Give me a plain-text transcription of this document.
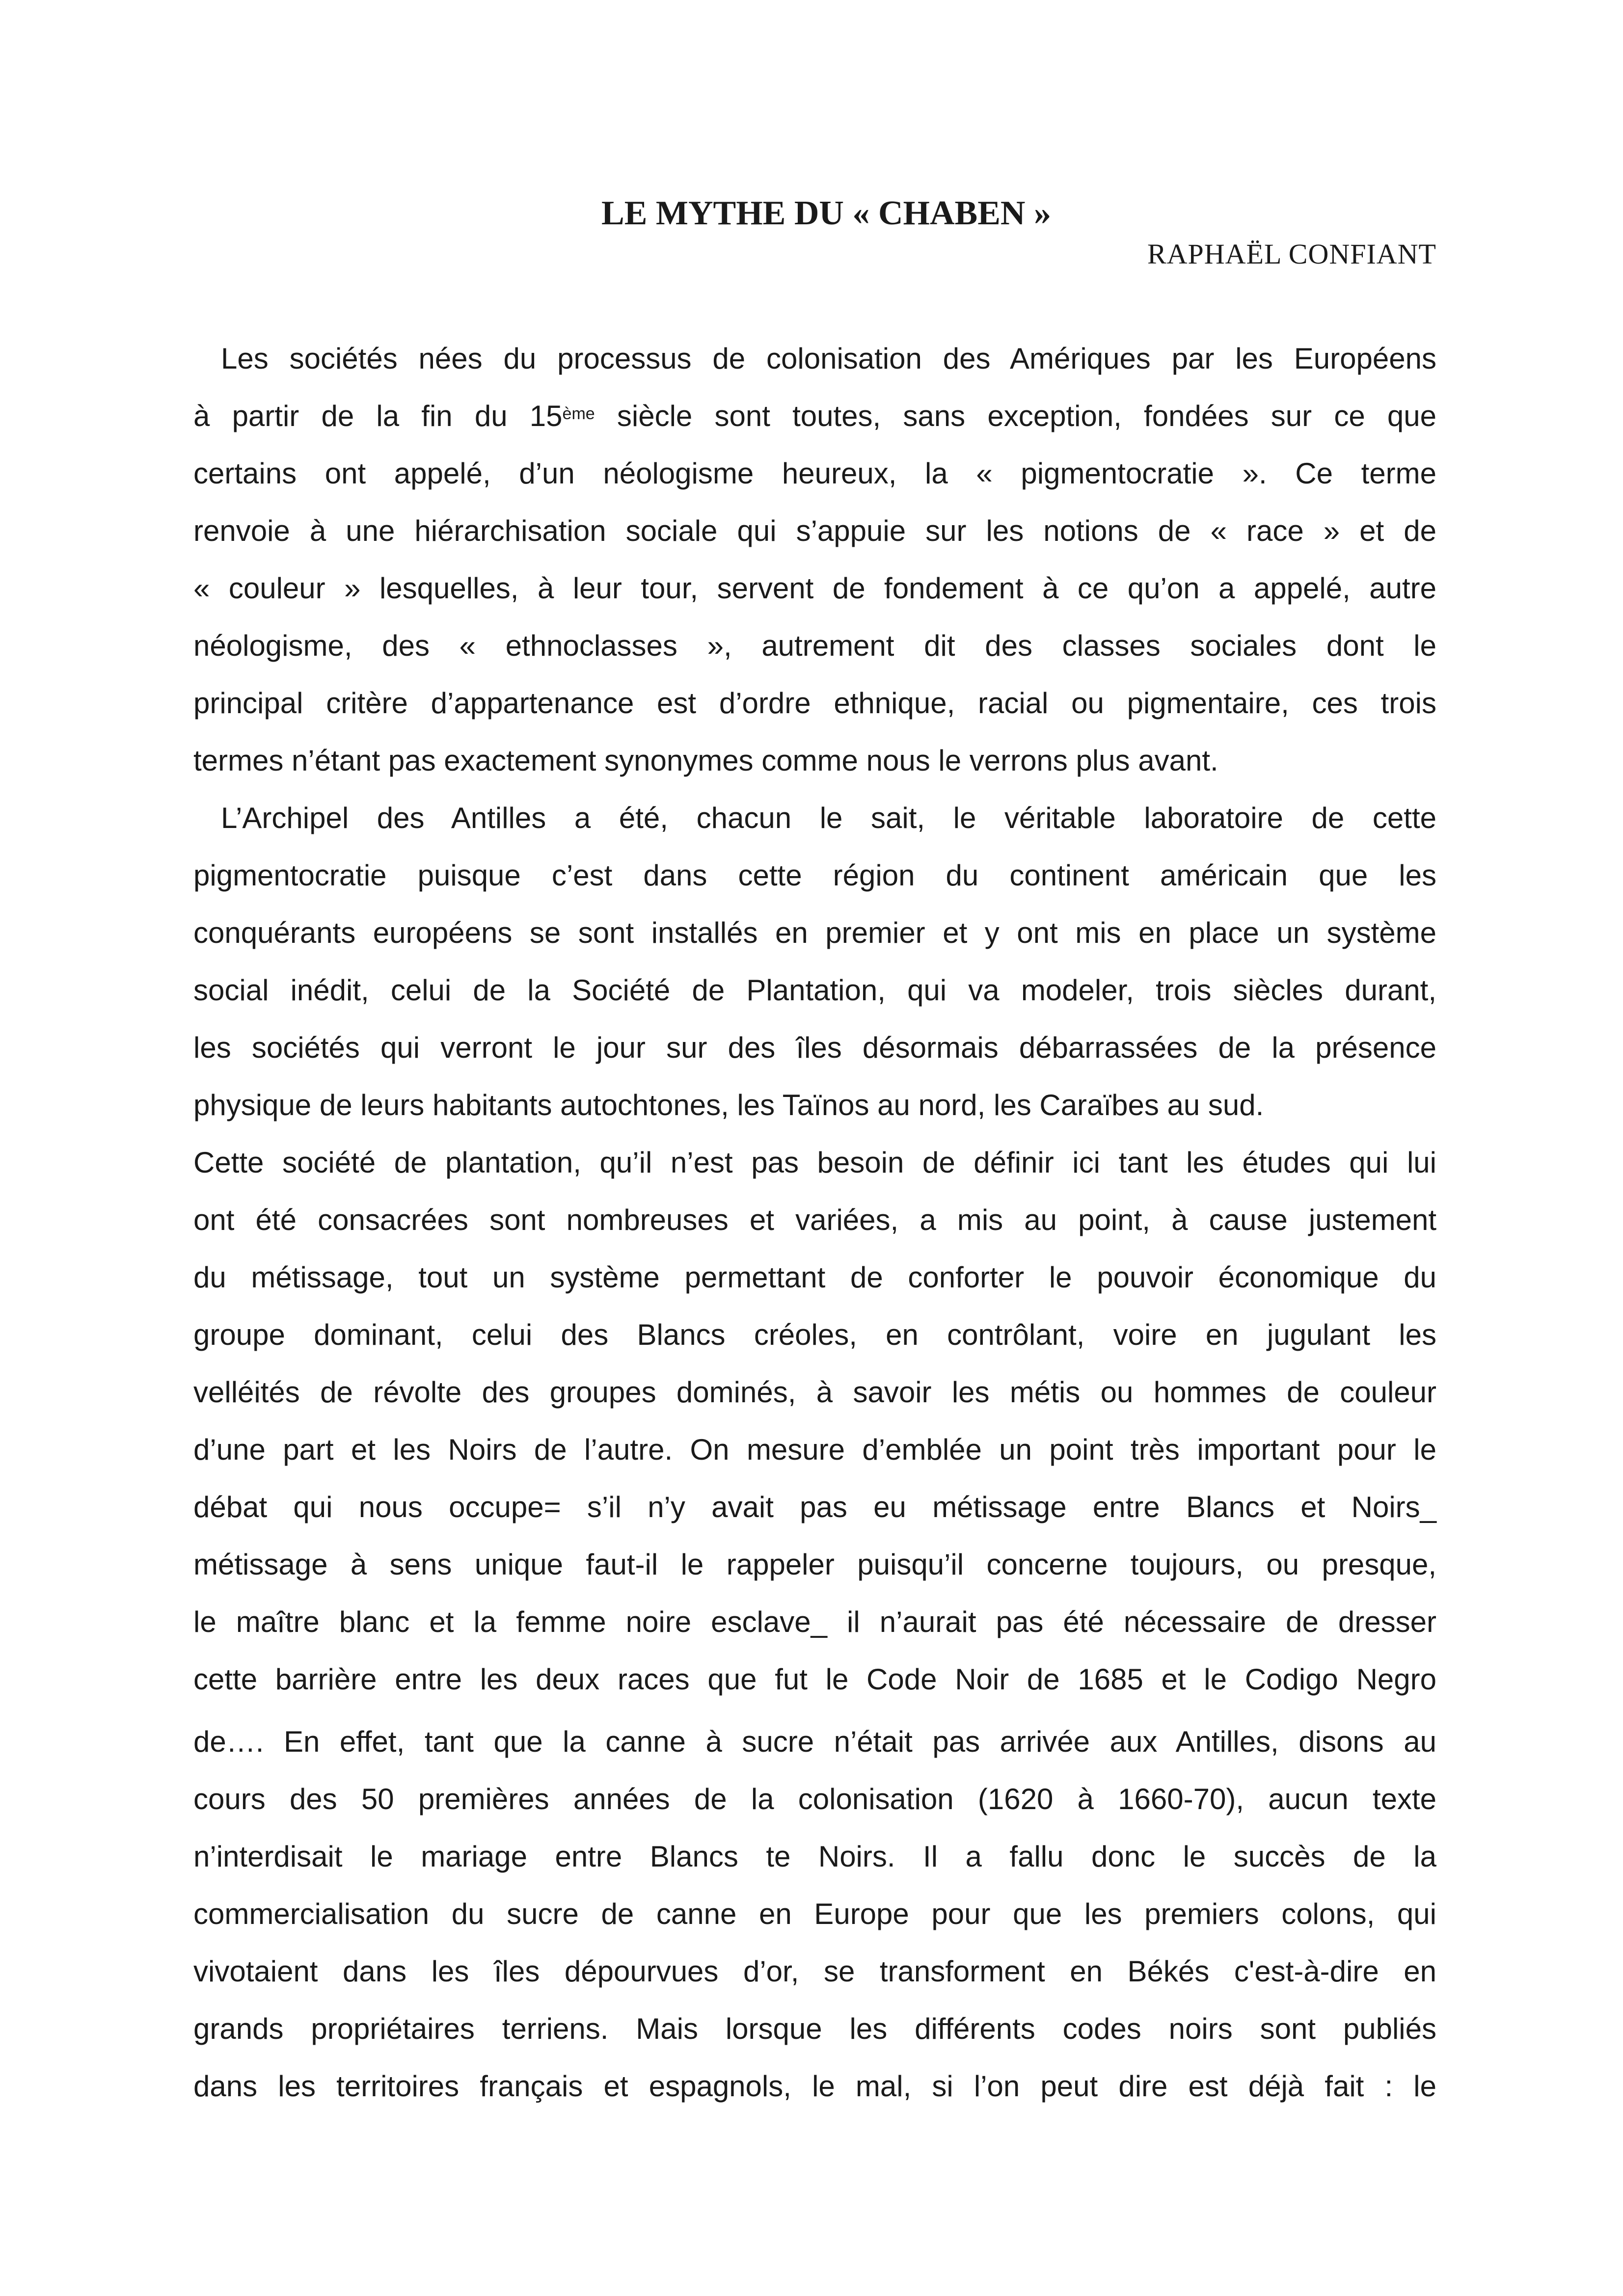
LE MYTHE DU « CHABEN »
RAPHAËL CONFIANT
Les sociétés nées du processus de colonisation des Amériques par les Européens
à partir de la fin du 15ème siècle sont toutes, sans exception, fondées sur ce que
certains ont appelé, d’un néologisme heureux, la « pigmentocratie ». Ce terme
renvoie à une hiérarchisation sociale qui s’appuie sur les notions de « race » et de
« couleur » lesquelles, à leur tour, servent de fondement à ce qu’on a appelé, autre
néologisme, des « ethnoclasses », autrement dit des classes sociales dont le
principal critère d’appartenance est d’ordre ethnique, racial ou pigmentaire, ces trois
termes n’étant pas exactement synonymes comme nous le verrons plus avant.
L’Archipel des Antilles a été, chacun le sait, le véritable laboratoire de cette
pigmentocratie puisque c’est dans cette région du continent américain que les
conquérants européens se sont installés en premier et y ont mis en place un système
social inédit, celui de la Société de Plantation, qui va modeler, trois siècles durant,
les sociétés qui verront le jour sur des îles désormais débarrassées de la présence
physique de leurs habitants autochtones, les Taïnos au nord, les Caraïbes au sud.
Cette société de plantation, qu’il n’est pas besoin de définir ici tant les études qui lui
ont été consacrées sont nombreuses et variées, a mis au point, à cause justement
du métissage, tout un système permettant de conforter le pouvoir économique du
groupe dominant, celui des Blancs créoles, en contrôlant, voire en jugulant les
velléités de révolte des groupes dominés, à savoir les métis ou hommes de couleur
d’une part et les Noirs de l’autre. On mesure d’emblée un point très important pour le
débat qui nous occupe= s’il n’y avait pas eu métissage entre Blancs et Noirs_
métissage à sens unique faut-il le rappeler puisqu’il concerne toujours, ou presque,
le maître blanc et la femme noire esclave_ il n’aurait pas été nécessaire de dresser
cette barrière entre les deux races que fut le Code Noir de 1685 et le Codigo Negro
de…. En effet, tant que la canne à sucre n’était pas arrivée aux Antilles, disons au
cours des 50 premières années de la colonisation (1620 à 1660-70), aucun texte
n’interdisait le mariage entre Blancs te Noirs. Il a fallu donc le succès de la
commercialisation du sucre de canne en Europe pour que les premiers colons, qui
vivotaient dans les îles dépourvues d’or, se transforment en Békés c'est-à-dire en
grands propriétaires terriens. Mais lorsque les différents codes noirs sont publiés
dans les territoires français et espagnols, le mal, si l’on peut dire est déjà fait : le
